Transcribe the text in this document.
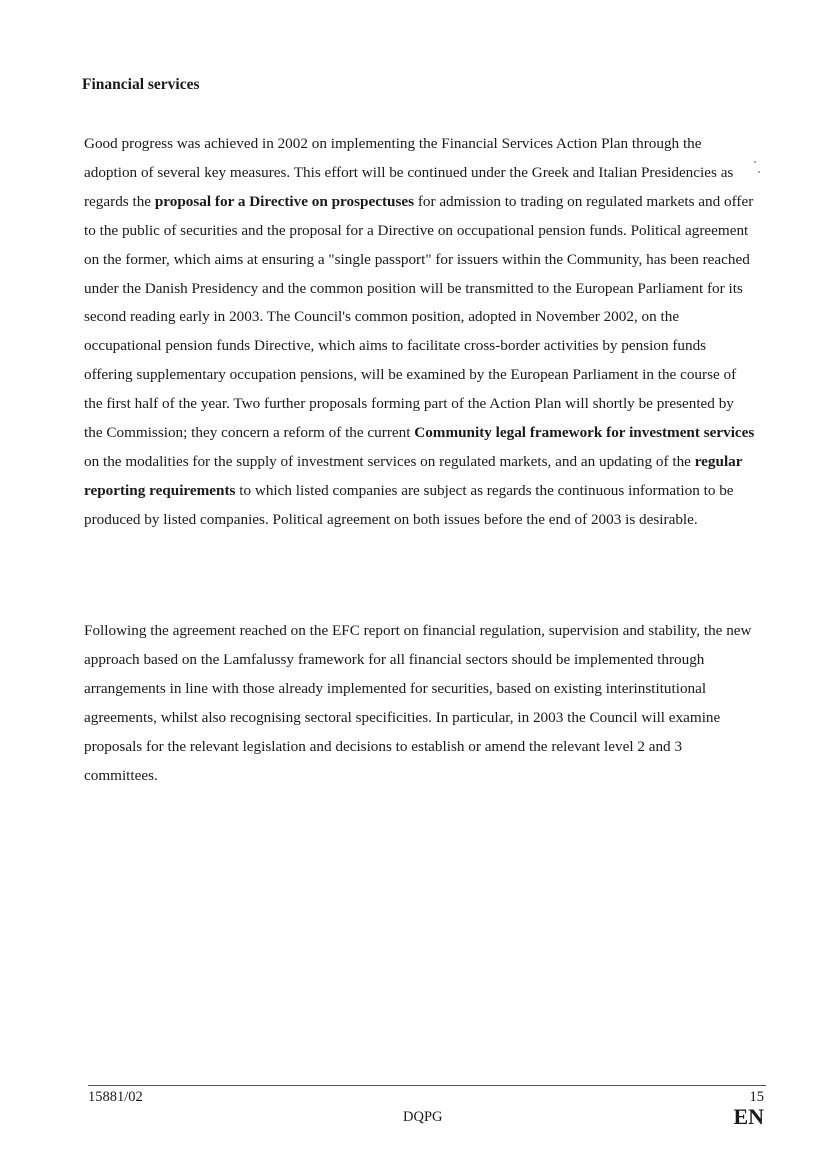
Financial services

Good progress was achieved in 2002 on implementing the Financial Services Action Plan through the adoption of several key measures. This effort will be continued under the Greek and Italian Presidencies as regards the proposal for a Directive on prospectuses for admission to trading on regulated markets and offer to the public of securities and the proposal for a Directive on occupational pension funds. Political agreement on the former, which aims at ensuring a "single passport" for issuers within the Community, has been reached under the Danish Presidency and the common position will be transmitted to the European Parliament for its second reading early in 2003. The Council's common position, adopted in November 2002, on the occupational pension funds Directive, which aims to facilitate cross-border activities by pension funds offering supplementary occupation pensions, will be examined by the European Parliament in the course of the first half of the year. Two further proposals forming part of the Action Plan will shortly be presented by the Commission; they concern a reform of the current Community legal framework for investment services on the modalities for the supply of investment services on regulated markets, and an updating of the regular reporting requirements to which listed companies are subject as regards the continuous information to be produced by listed companies. Political agreement on both issues before the end of 2003 is desirable.

Following the agreement reached on the EFC report on financial regulation, supervision and stability, the new approach based on the Lamfalussy framework for all financial sectors should be implemented through arrangements in line with those already implemented for securities, based on existing interinstitutional agreements, whilst also recognising sectoral specificities. In particular, in 2003 the Council will examine proposals for the relevant legislation and decisions to establish or amend the relevant level 2 and 3 committees.

15881/02	15
DQPG	EN
